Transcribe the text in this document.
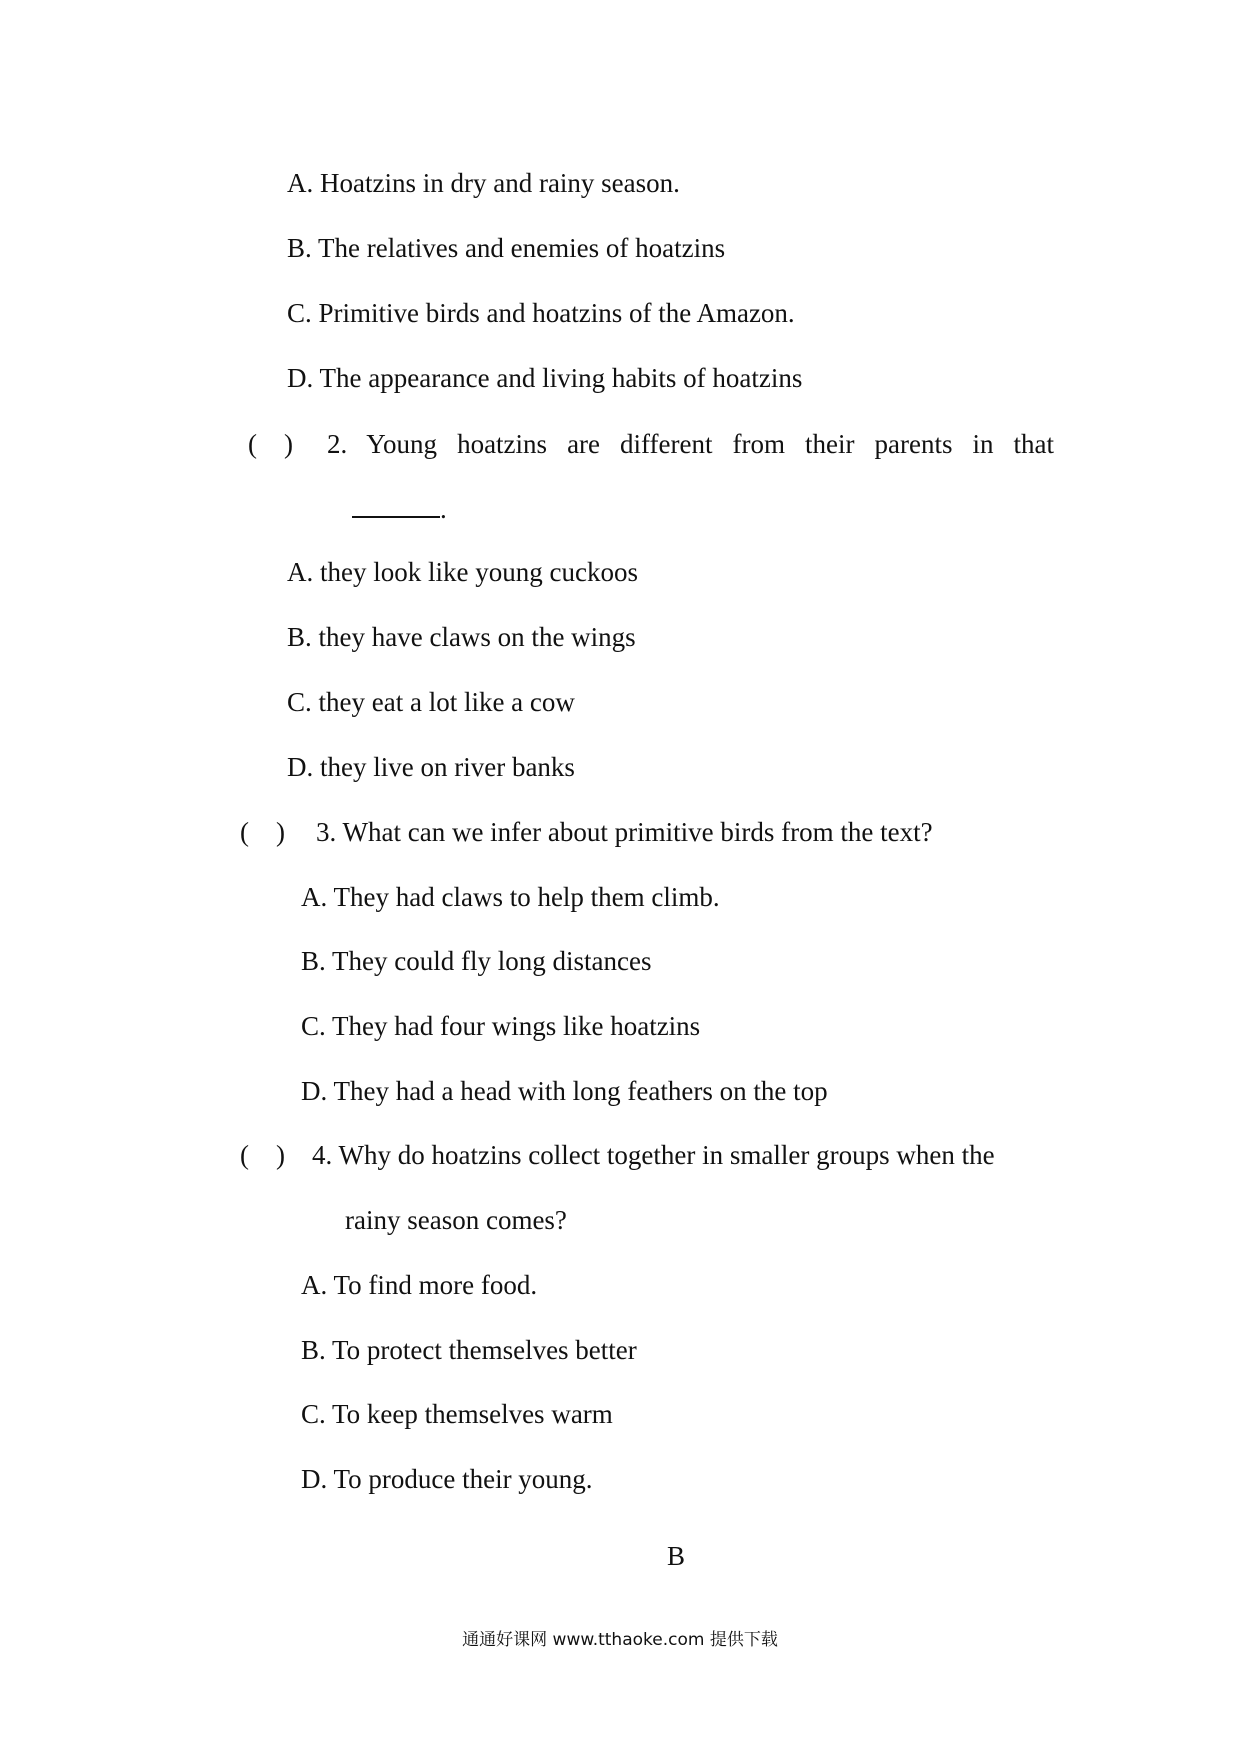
A. Hoatzins in dry and rainy season.
B. The relatives and enemies of hoatzins
C. Primitive birds and hoatzins of the Amazon.
D. The appearance and living habits of hoatzins
(　) 2. Young hoatzins are different from their parents in that
.
A. they look like young cuckoos
B. they have claws on the wings
C. they eat a lot like a cow
D. they live on river banks
(　) 3. What can we infer about primitive birds from the text?
A. They had claws to help them climb.
B. They could fly long distances
C. They had four wings like hoatzins
D. They had a head with long feathers on the top
(　) 4. Why do hoatzins collect together in smaller groups when the
rainy season comes?
A. To find more food.
B. To protect themselves better
C. To keep themselves warm
D. To produce their young.
B
通通好课网 www.tthaoke.com 提供下载
